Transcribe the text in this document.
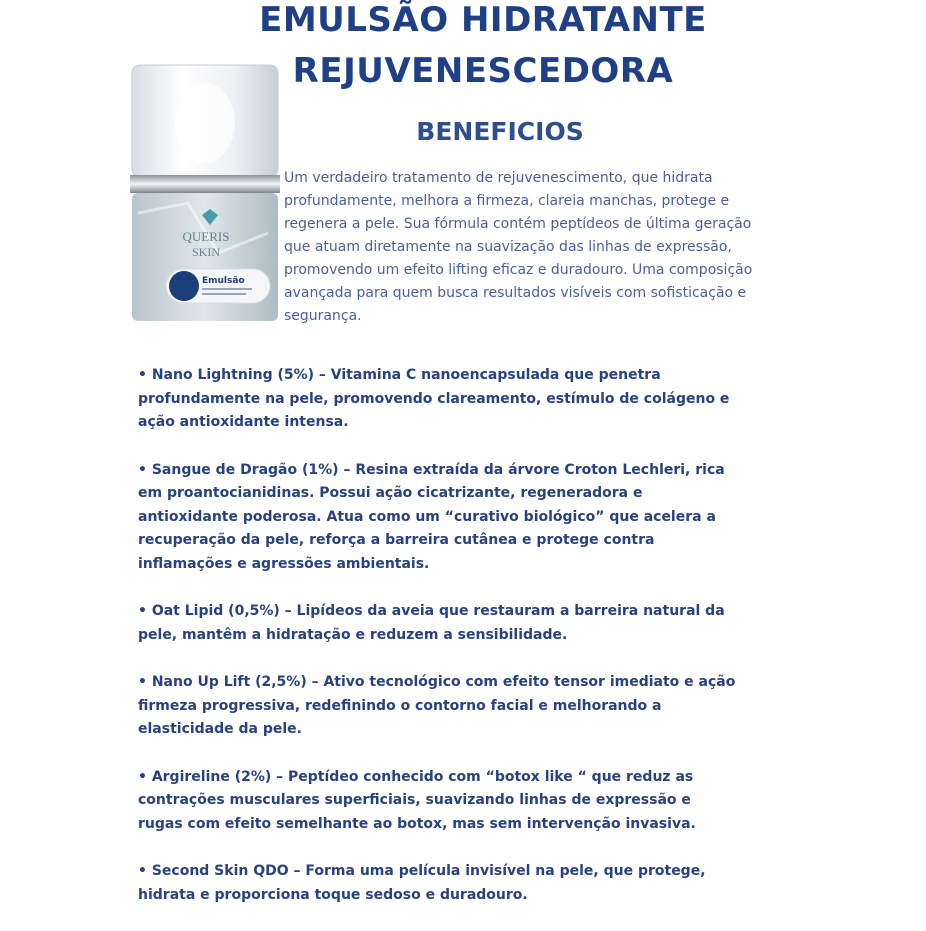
EMULSÃO HIDRATANTE
REJUVENESCEDORA
BENEFICIOS
QUERIS
SKIN
Emulsão

Um verdadeiro tratamento de rejuvenescimento, que hidrata profundamente, melhora a firmeza, clareia manchas, protege e regenera a pele. Sua fórmula contém peptídeos de última geração que atuam diretamente na suavização das linhas de expressão, promovendo um efeito lifting eficaz e duradouro. Uma composição avançada para quem busca resultados visíveis com sofisticação e segurança.

• Nano Lightning (5%) – Vitamina C nanoencapsulada que penetra profundamente na pele, promovendo clareamento, estímulo de colágeno e ação antioxidante intensa.
• Sangue de Dragão (1%) – Resina extraída da árvore Croton Lechleri, rica em proantocianidinas. Possui ação cicatrizante, regeneradora e antioxidante poderosa. Atua como um “curativo biológico” que acelera a recuperação da pele, reforça a barreira cutânea e protege contra inflamações e agressões ambientais.
• Oat Lipid (0,5%) – Lipídeos da aveia que restauram a barreira natural da pele, mantêm a hidratação e reduzem a sensibilidade.
• Nano Up Lift (2,5%) – Ativo tecnológico com efeito tensor imediato e ação firmeza progressiva, redefinindo o contorno facial e melhorando a elasticidade da pele.
• Argireline (2%) – Peptídeo conhecido com “botox like “ que reduz as contrações musculares superficiais, suavizando linhas de expressão e rugas com efeito semelhante ao botox, mas sem intervenção invasiva.
• Second Skin QDO – Forma uma película invisível na pele, que protege, hidrata e proporciona toque sedoso e duradouro.
